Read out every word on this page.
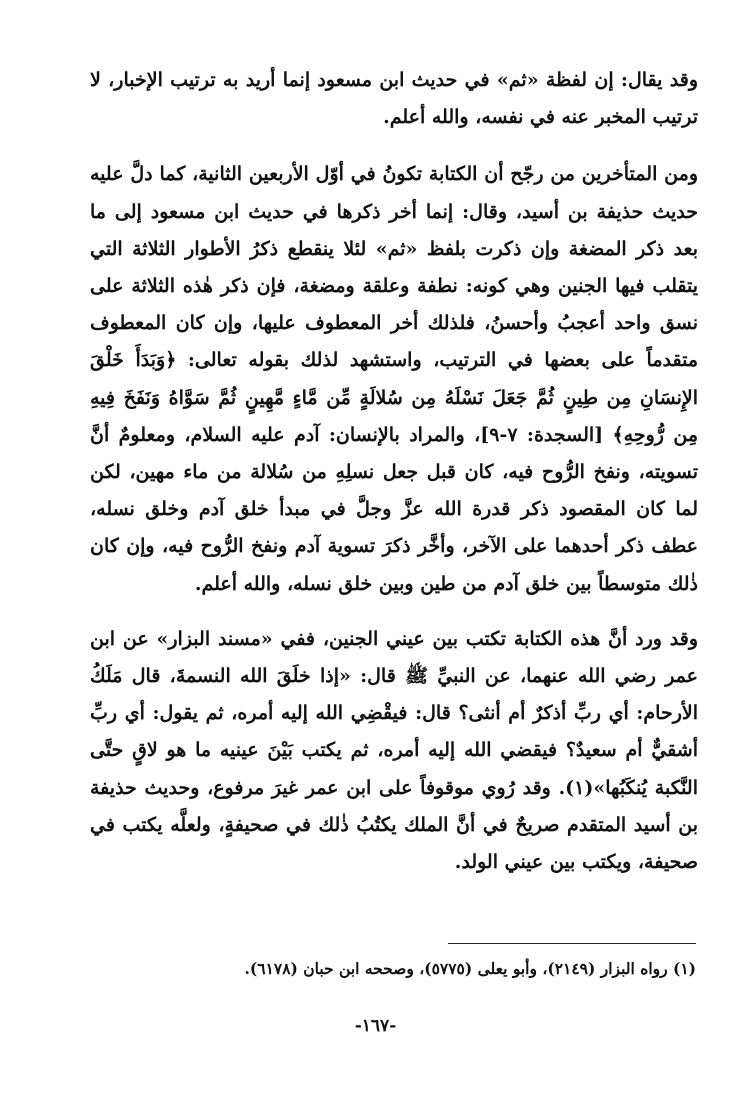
وقد يقال: إن لفظة «ثم» في حديث ابن مسعود إنما أريد به ترتيب الإخبار، لا ترتيب المخبر عنه في نفسه، والله أعلم.

ومن المتأخرين من رجّح أن الكتابة تكونُ في أوّل الأربعين الثانية، كما دلَّ عليه حديث حذيفة بن أسيد، وقال: إنما أخر ذكرها في حديث ابن مسعود إلى ما بعد ذكر المضغة وإن ذكرت بلفظ «ثم» لئلا ينقطع ذكرُ الأطوار الثلاثة التي يتقلب فيها الجنين وهي كونه: نطفة وعلقة ومضغة، فإن ذكر هٰذه الثلاثة على نسق واحد أعجبُ وأحسنُ، فلذلك أخر المعطوف عليها، وإن كان المعطوف متقدماً على بعضها في الترتيب، واستشهد لذلك بقوله تعالى: ﴿وَبَدَأَ خَلْقَ الإِنسَانِ مِن طِينٍ ثُمَّ جَعَلَ نَسْلَهُ مِن سُلالَةٍ مِّن مَّاءٍ مَّهِينٍ ثُمَّ سَوَّاهُ وَنَفَخَ فِيهِ مِن رُّوحِهِ﴾ [السجدة: ٧-٩]، والمراد بالإنسان: آدم عليه السلام، ومعلومٌ أنَّ تسويته، ونفخ الرُّوح فيه، كان قبل جعل نسلِهِ من سُلالة من ماء مهين، لكن لما كان المقصود ذكر قدرة الله عزَّ وجلَّ في مبدأ خلق آدم وخلق نسله، عطف ذكر أحدهما على الآخر، وأخَّر ذكرَ تسوية آدم ونفخ الرُّوح فيه، وإن كان ذٰلك متوسطاً بين خلق آدم من طين وبين خلق نسله، والله أعلم.

وقد ورد أنَّ هذه الكتابة تكتب بين عيني الجنين، ففي «مسند البزار» عن ابن عمر رضي الله عنهما، عن النبيِّ ﷺ قال: «إذا خلَقَ الله النسمةَ، قال مَلَكُ الأرحام: أي ربِّ أذكرٌ أم أنثى؟ قال: فيقْضِي الله إليه أمره، ثم يقول: أي ربِّ أشقيٌّ أم سعيدٌ؟ فيقضي الله إليه أمره، ثم يكتب بَيْنَ عينيه ما هو لاقٍ حتَّى النَّكبة يُنكَبُها»(١). وقد رُوي موقوفاً على ابن عمر غيرَ مرفوع، وحديث حذيفة بن أسيد المتقدم صريحٌ في أنَّ الملك يكتُبُ ذٰلك في صحيفةٍ، ولعلَّه يكتب في صحيفة، ويكتب بين عيني الولد.

(١) رواه البزار (٢١٤٩)، وأبو يعلى (٥٧٧٥)، وصححه ابن حبان (٦١٧٨).

-١٦٧-
